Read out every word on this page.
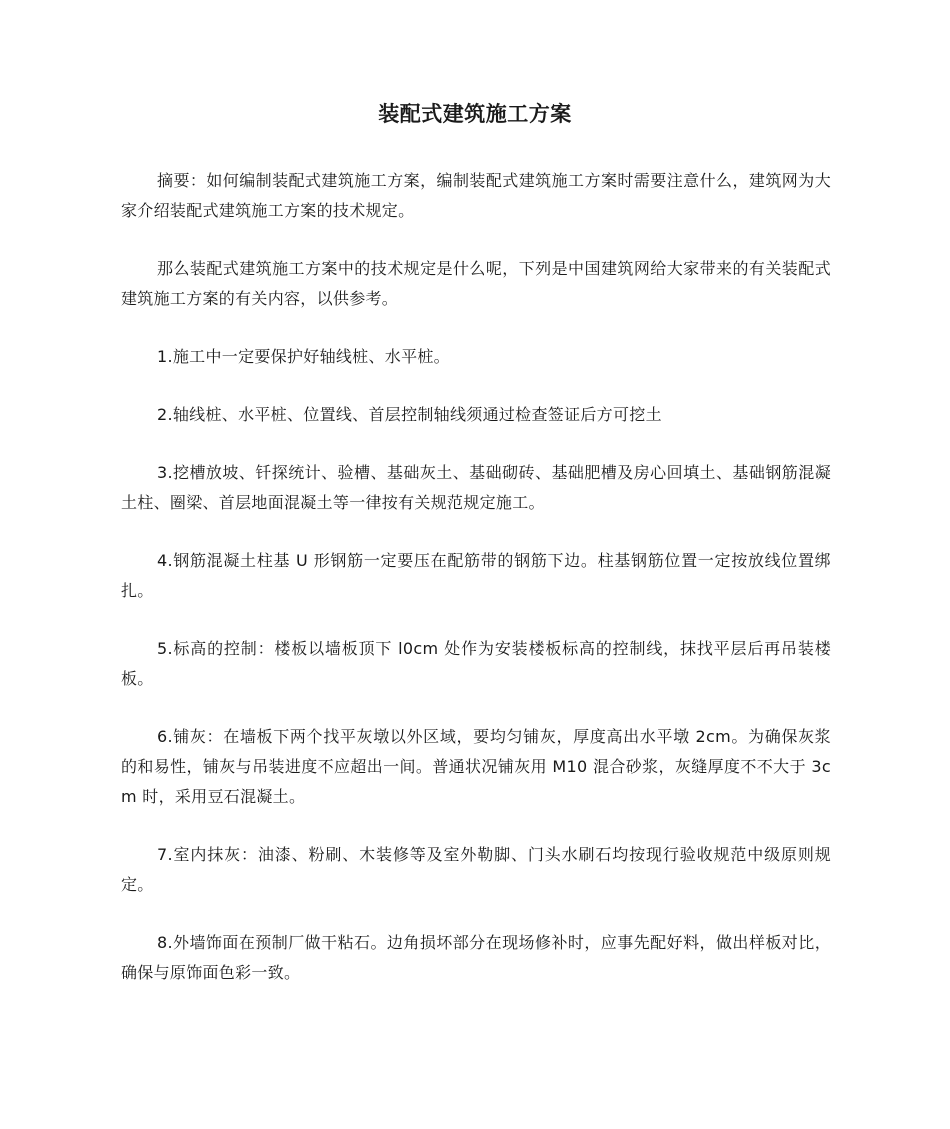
装配式建筑施工方案

摘要：如何编制装配式建筑施工方案，编制装配式建筑施工方案时需要注意什么，建筑网为大家介绍装配式建筑施工方案的技术规定。

那么装配式建筑施工方案中的技术规定是什么呢，下列是中国建筑网给大家带来的有关装配式建筑施工方案的有关内容，以供参考。

1.施工中一定要保护好轴线桩、水平桩。

2.轴线桩、水平桩、位置线、首层控制轴线须通过检查签证后方可挖土

3.挖槽放坡、钎探统计、验槽、基础灰土、基础砌砖、基础肥槽及房心回填土、基础钢筋混凝土柱、圈梁、首层地面混凝土等一律按有关规范规定施工。

4.钢筋混凝土柱基 U 形钢筋一定要压在配筋带的钢筋下边。柱基钢筋位置一定按放线位置绑扎。

5.标高的控制：楼板以墙板顶下 l0cm 处作为安装楼板标高的控制线，抹找平层后再吊装楼板。

6.铺灰：在墙板下两个找平灰墩以外区域，要均匀铺灰，厚度高出水平墩 2cm。为确保灰浆的和易性，铺灰与吊装进度不应超出一间。普通状况铺灰用 M10 混合砂浆，灰缝厚度不不大于 3cm 时，采用豆石混凝土。

7.室内抹灰：油漆、粉刷、木装修等及室外勒脚、门头水刷石均按现行验收规范中级原则规定。

8.外墙饰面在预制厂做干粘石。边角损坏部分在现场修补时，应事先配好料，做出样板对比，确保与原饰面色彩一致。
